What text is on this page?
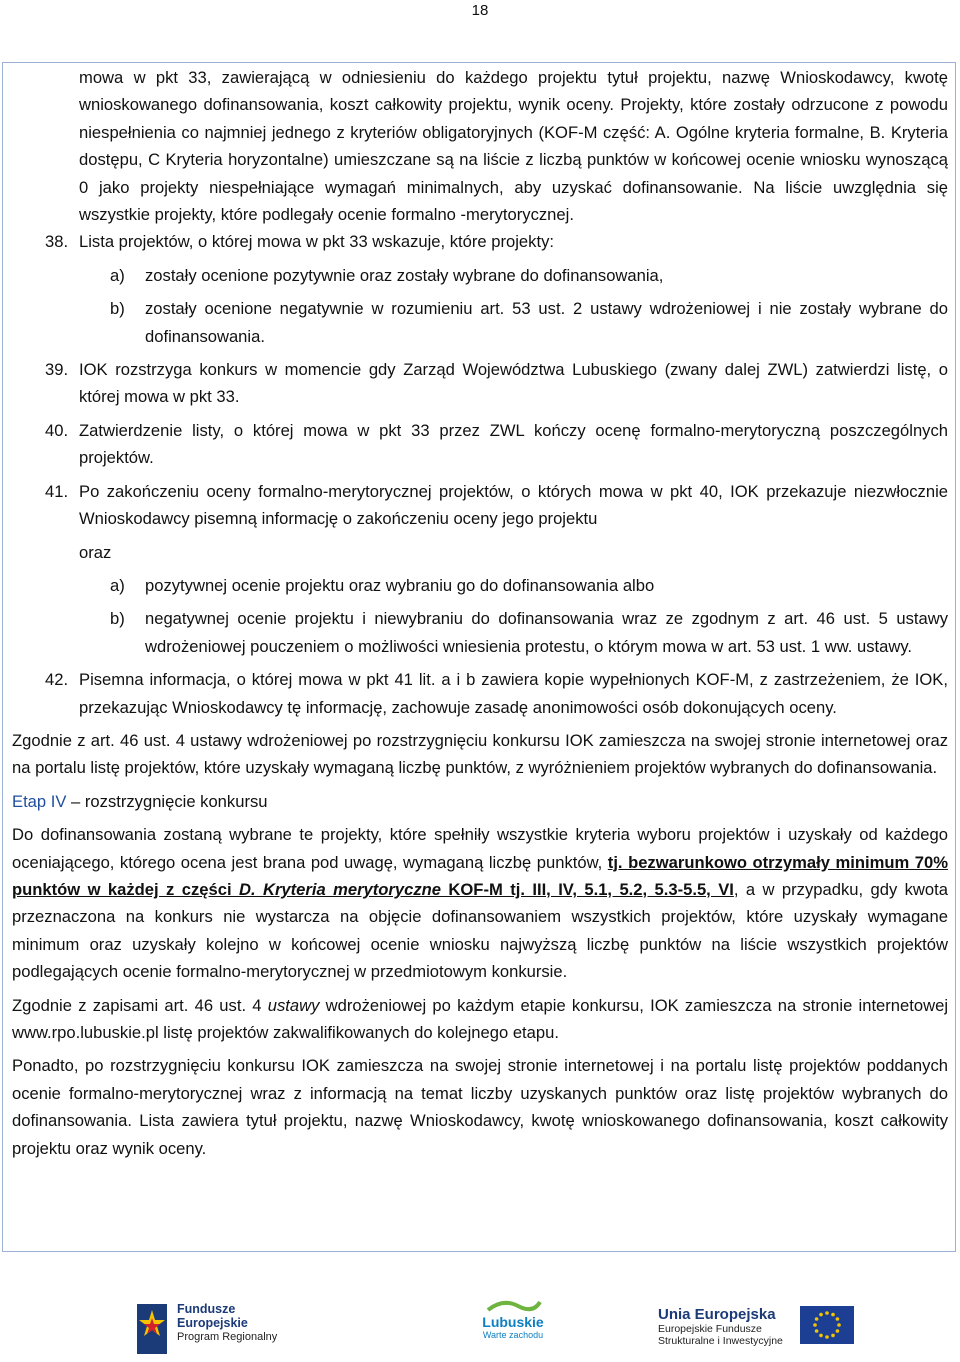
18

mowa w pkt 33, zawierającą w odniesieniu do każdego projektu tytuł projektu, nazwę Wnioskodawcy, kwotę wnioskowanego dofinansowania, koszt całkowity projektu, wynik oceny. Projekty, które zostały odrzucone z powodu niespełnienia co najmniej jednego z kryteriów obligatoryjnych (KOF-M część: A. Ogólne kryteria formalne, B. Kryteria dostępu, C Kryteria horyzontalne) umieszczane są na liście z liczbą punktów w końcowej ocenie wniosku wynoszącą 0 jako projekty niespełniające wymagań minimalnych, aby uzyskać dofinansowanie. Na liście uwzględnia się wszystkie projekty, które podlegały ocenie formalno -merytorycznej.

38. Lista projektów, o której mowa w pkt 33 wskazuje, które projekty:

a) zostały ocenione pozytywnie oraz zostały wybrane do dofinansowania,

b) zostały ocenione negatywnie w rozumieniu art. 53 ust. 2 ustawy wdrożeniowej i nie zostały wybrane do dofinansowania.

39. IOK rozstrzyga konkurs w momencie gdy Zarząd Województwa Lubuskiego (zwany dalej ZWL) zatwierdzi listę, o której mowa w pkt 33.

40. Zatwierdzenie listy, o której mowa w pkt 33 przez ZWL kończy ocenę formalno-merytoryczną poszczególnych projektów.

41. Po zakończeniu oceny formalno-merytorycznej projektów, o których mowa w pkt 40, IOK przekazuje niezwłocznie Wnioskodawcy pisemną informację o zakończeniu oceny jego projektu

oraz

a) pozytywnej ocenie projektu oraz wybraniu go do dofinansowania albo

b) negatywnej ocenie projektu i niewybraniu do dofinansowania wraz ze zgodnym z art. 46 ust. 5 ustawy wdrożeniowej pouczeniem o możliwości wniesienia protestu, o którym mowa w art. 53 ust. 1 ww. ustawy.

42. Pisemna informacja, o której mowa w pkt 41 lit. a i b zawiera kopie wypełnionych KOF-M, z zastrzeżeniem, że IOK, przekazując Wnioskodawcy tę informację, zachowuje zasadę anonimowości osób dokonujących oceny.

Zgodnie z art. 46 ust. 4 ustawy wdrożeniowej po rozstrzygnięciu konkursu IOK zamieszcza na swojej stronie internetowej oraz na portalu listę projektów, które uzyskały wymaganą liczbę punktów, z wyróżnieniem projektów wybranych do dofinansowania.

Etap IV – rozstrzygnięcie konkursu

Do dofinansowania zostaną wybrane te projekty, które spełniły wszystkie kryteria wyboru projektów i uzyskały od każdego oceniającego, którego ocena jest brana pod uwagę, wymaganą liczbę punktów, tj. bezwarunkowo otrzymały minimum 70% punktów w każdej z części D. Kryteria merytoryczne KOF-M tj. III, IV, 5.1, 5.2, 5.3-5.5, VI, a w przypadku, gdy kwota przeznaczona na konkurs nie wystarcza na objęcie dofinansowaniem wszystkich projektów, które uzyskały wymagane minimum oraz uzyskały kolejno w końcowej ocenie wniosku najwyższą liczbę punktów na liście wszystkich projektów podlegających ocenie formalno-merytorycznej w przedmiotowym konkursie.

Zgodnie z zapisami art. 46 ust. 4 ustawy wdrożeniowej po każdym etapie konkursu, IOK zamieszcza na stronie internetowej www.rpo.lubuskie.pl listę projektów zakwalifikowanych do kolejnego etapu.

Ponadto, po rozstrzygnięciu konkursu IOK zamieszcza na swojej stronie internetowej i na portalu listę projektów poddanych ocenie formalno-merytorycznej wraz z informacją na temat liczby uzyskanych punktów oraz listę projektów wybranych do dofinansowania. Lista zawiera tytuł projektu, nazwę Wnioskodawcy, kwotę wnioskowanego dofinansowania, koszt całkowity projektu oraz wynik oceny.

Fundusze
Europejskie
Program Regionalny
Lubuskie
Warte zachodu
Unia Europejska
Europejskie Fundusze
Strukturalne i Inwestycyjne
